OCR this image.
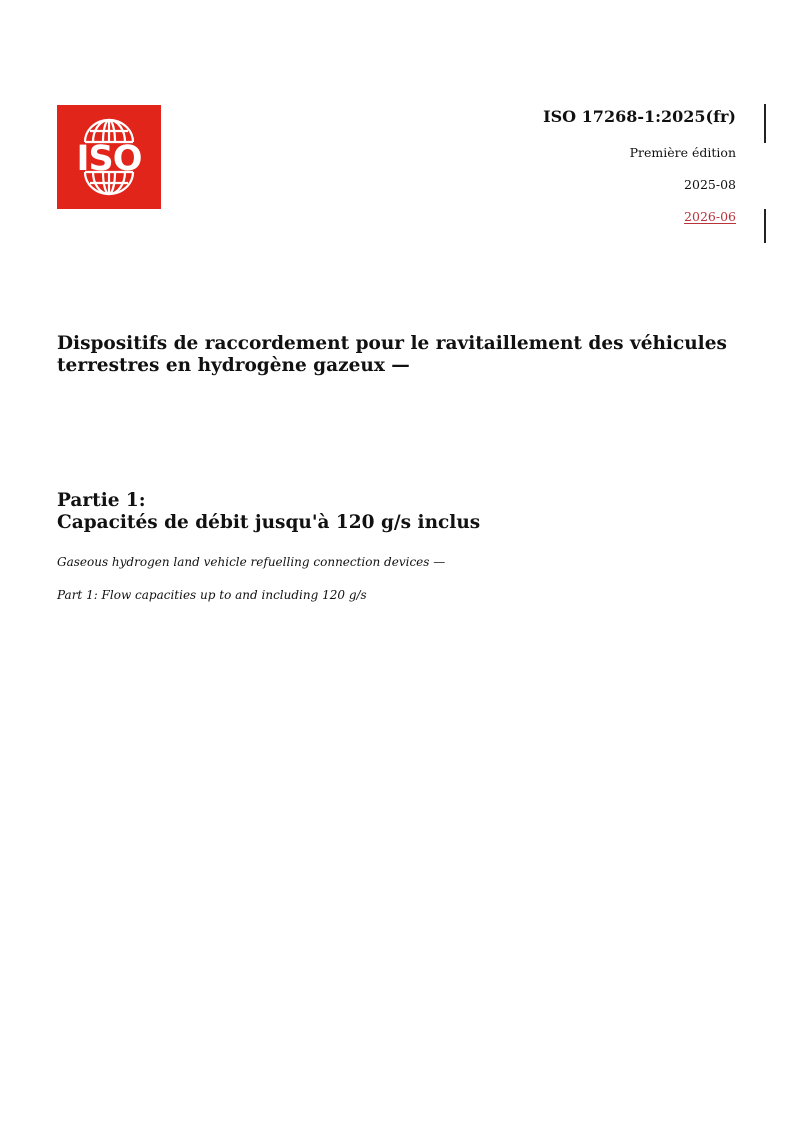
ISO

ISO 17268-1:2025(fr)

Première édition
2025-08
2026-06
Dispositifs de raccordement pour le ravitaillement des véhicules terrestres en hydrogène gazeux —
Partie 1:
Capacités de débit jusqu'à 120 g/s inclus

Gaseous hydrogen land vehicle refuelling connection devices —

Part 1: Flow capacities up to and including 120 g/s
